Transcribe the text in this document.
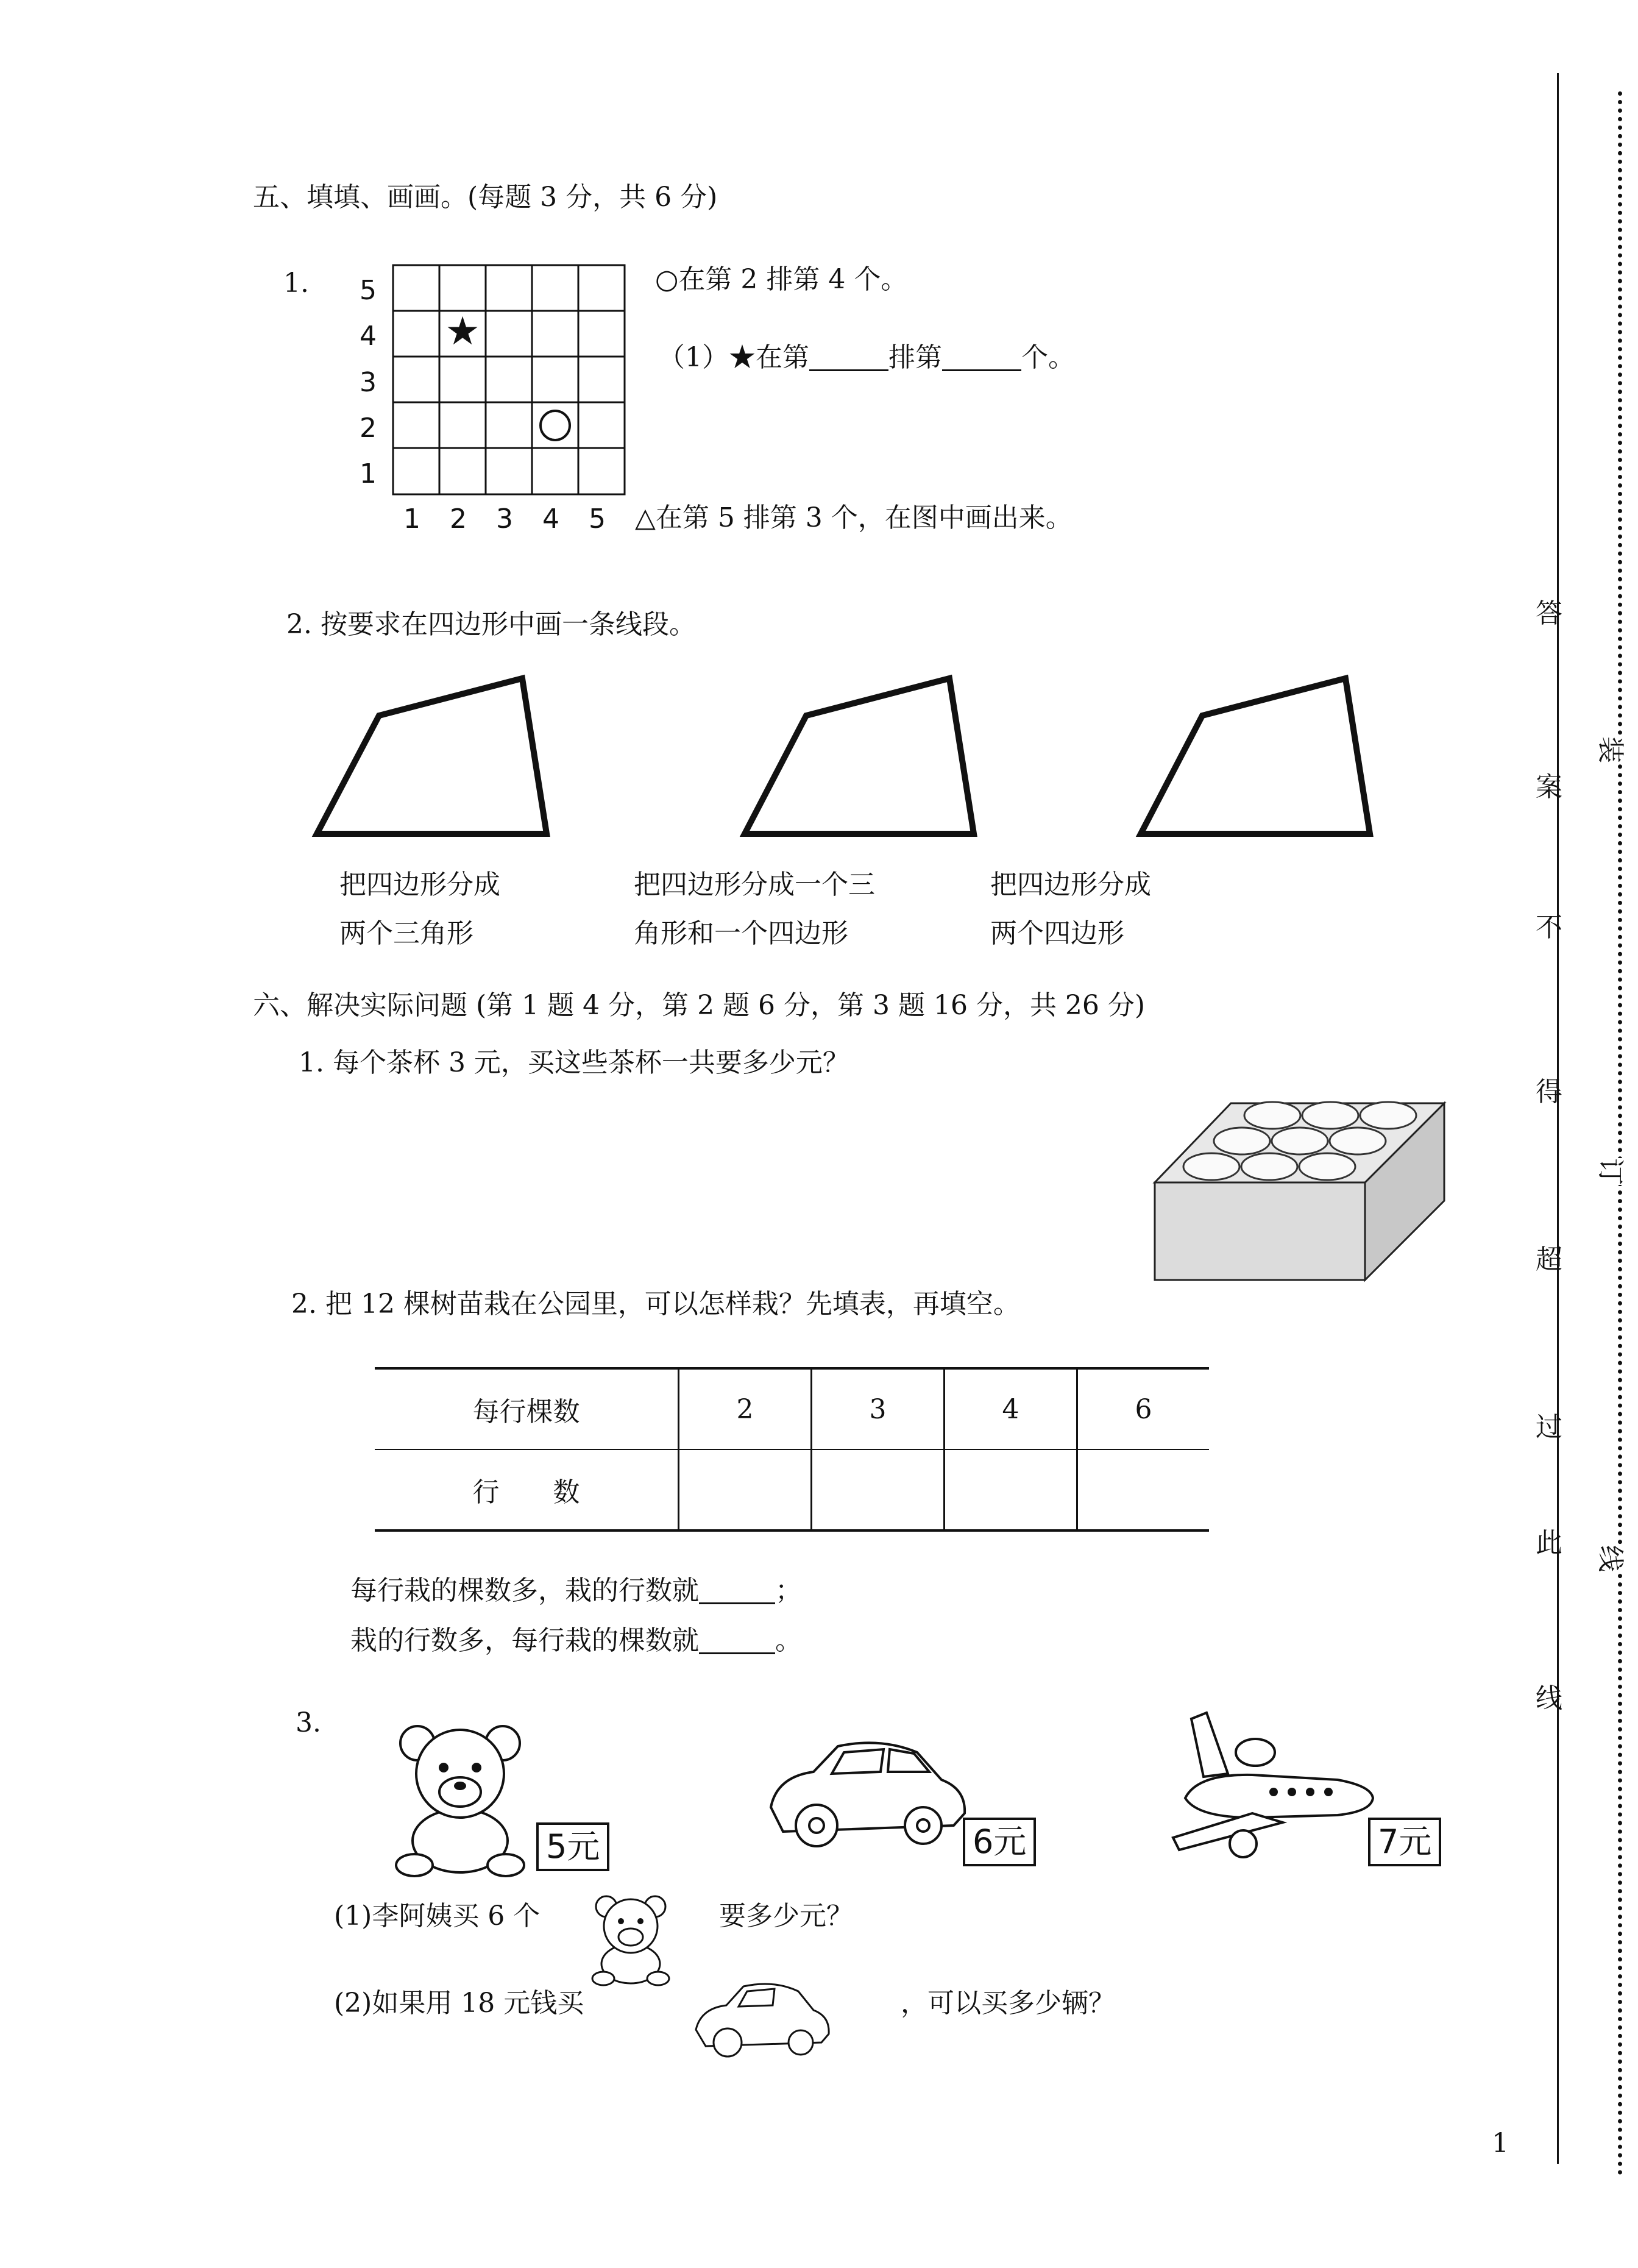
五、填填、画画。(每题 3 分，共 6 分)
1.
★
5
4
3
2
1
1 2 3 4 5
○在第 2 排第 4 个。
（1）★在第	排第	个。
△在第 5 排第 3 个，在图中画出来。
2. 按要求在四边形中画一条线段。
把四边形分成
两个三角形
把四边形分成一个三
角形和一个四边形
把四边形分成
两个四边形
六、解决实际问题 (第 1 题 4 分，第 2 题 6 分，第 3 题 16 分，共 26 分)
1. 每个茶杯 3 元，买这些茶杯一共要多少元？
2. 把 12 棵树苗栽在公园里，可以怎样栽？先填表，再填空。
每行棵数	2	3	4	6
行　　数				
每行栽的棵数多，栽的行数就	；
栽的行数多，每行栽的棵数就	。
3.
5元	6元	7元
(1)李阿姨买 6 个	要多少元？
(2)如果用 18 元钱买	，可以买多少辆？
1
答
案
不
得
超
过
此
线
装
订
线
